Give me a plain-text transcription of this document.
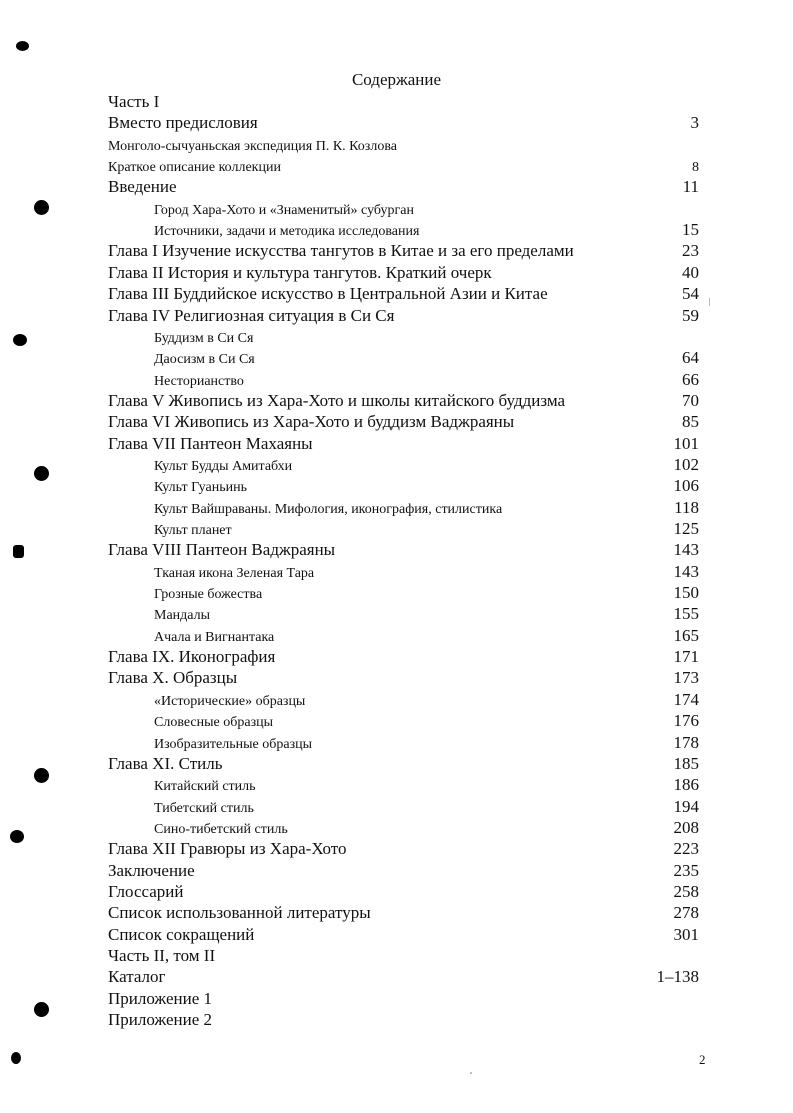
Содержание
Часть I
Вместо предисловия	3
Монголо-сычуаньская экспедиция П. К. Козлова
Краткое описание коллекции	8
Введение	11
Город Хара-Хото и «Знаменитый» субурган
Источники, задачи и методика исследования	15
Глава I Изучение искусства тангутов в Китае и за его пределами	23
Глава II История и культура тангутов. Краткий очерк	40
Глава III Буддийское искусство в Центральной Азии и Китае	54
Глава IV Религиозная ситуация в Си Ся	59
Буддизм в Си Ся
Даосизм в Си Ся	64
Несторианство	66
Глава V Живопись из Хара-Хото и школы китайского буддизма	70
Глава VI Живопись из Хара-Хото и буддизм Ваджраяны	85
Глава VII Пантеон Махаяны	101
Культ Будды Амитабхи	102
Культ Гуаньинь	106
Культ Вайшраваны. Мифология, иконография, стилистика	118
Культ планет	125
Глава VIII Пантеон Ваджраяны	143
Тканая икона Зеленая Тара	143
Грозные божества	150
Мандалы	155
Ачала и Вигнантака	165
Глава IX. Иконография	171
Глава X. Образцы	173
«Исторические» образцы	174
Словесные образцы	176
Изобразительные образцы	178
Глава XI. Стиль	185
Китайский стиль	186
Тибетский стиль	194
Сино-тибетский стиль	208
Глава XII Гравюры из Хара-Хото	223
Заключение	235
Глоссарий	258
Список использованной литературы	278
Список сокращений	301
Часть II, том II
Каталог	1–138
Приложение 1
Приложение 2
2
